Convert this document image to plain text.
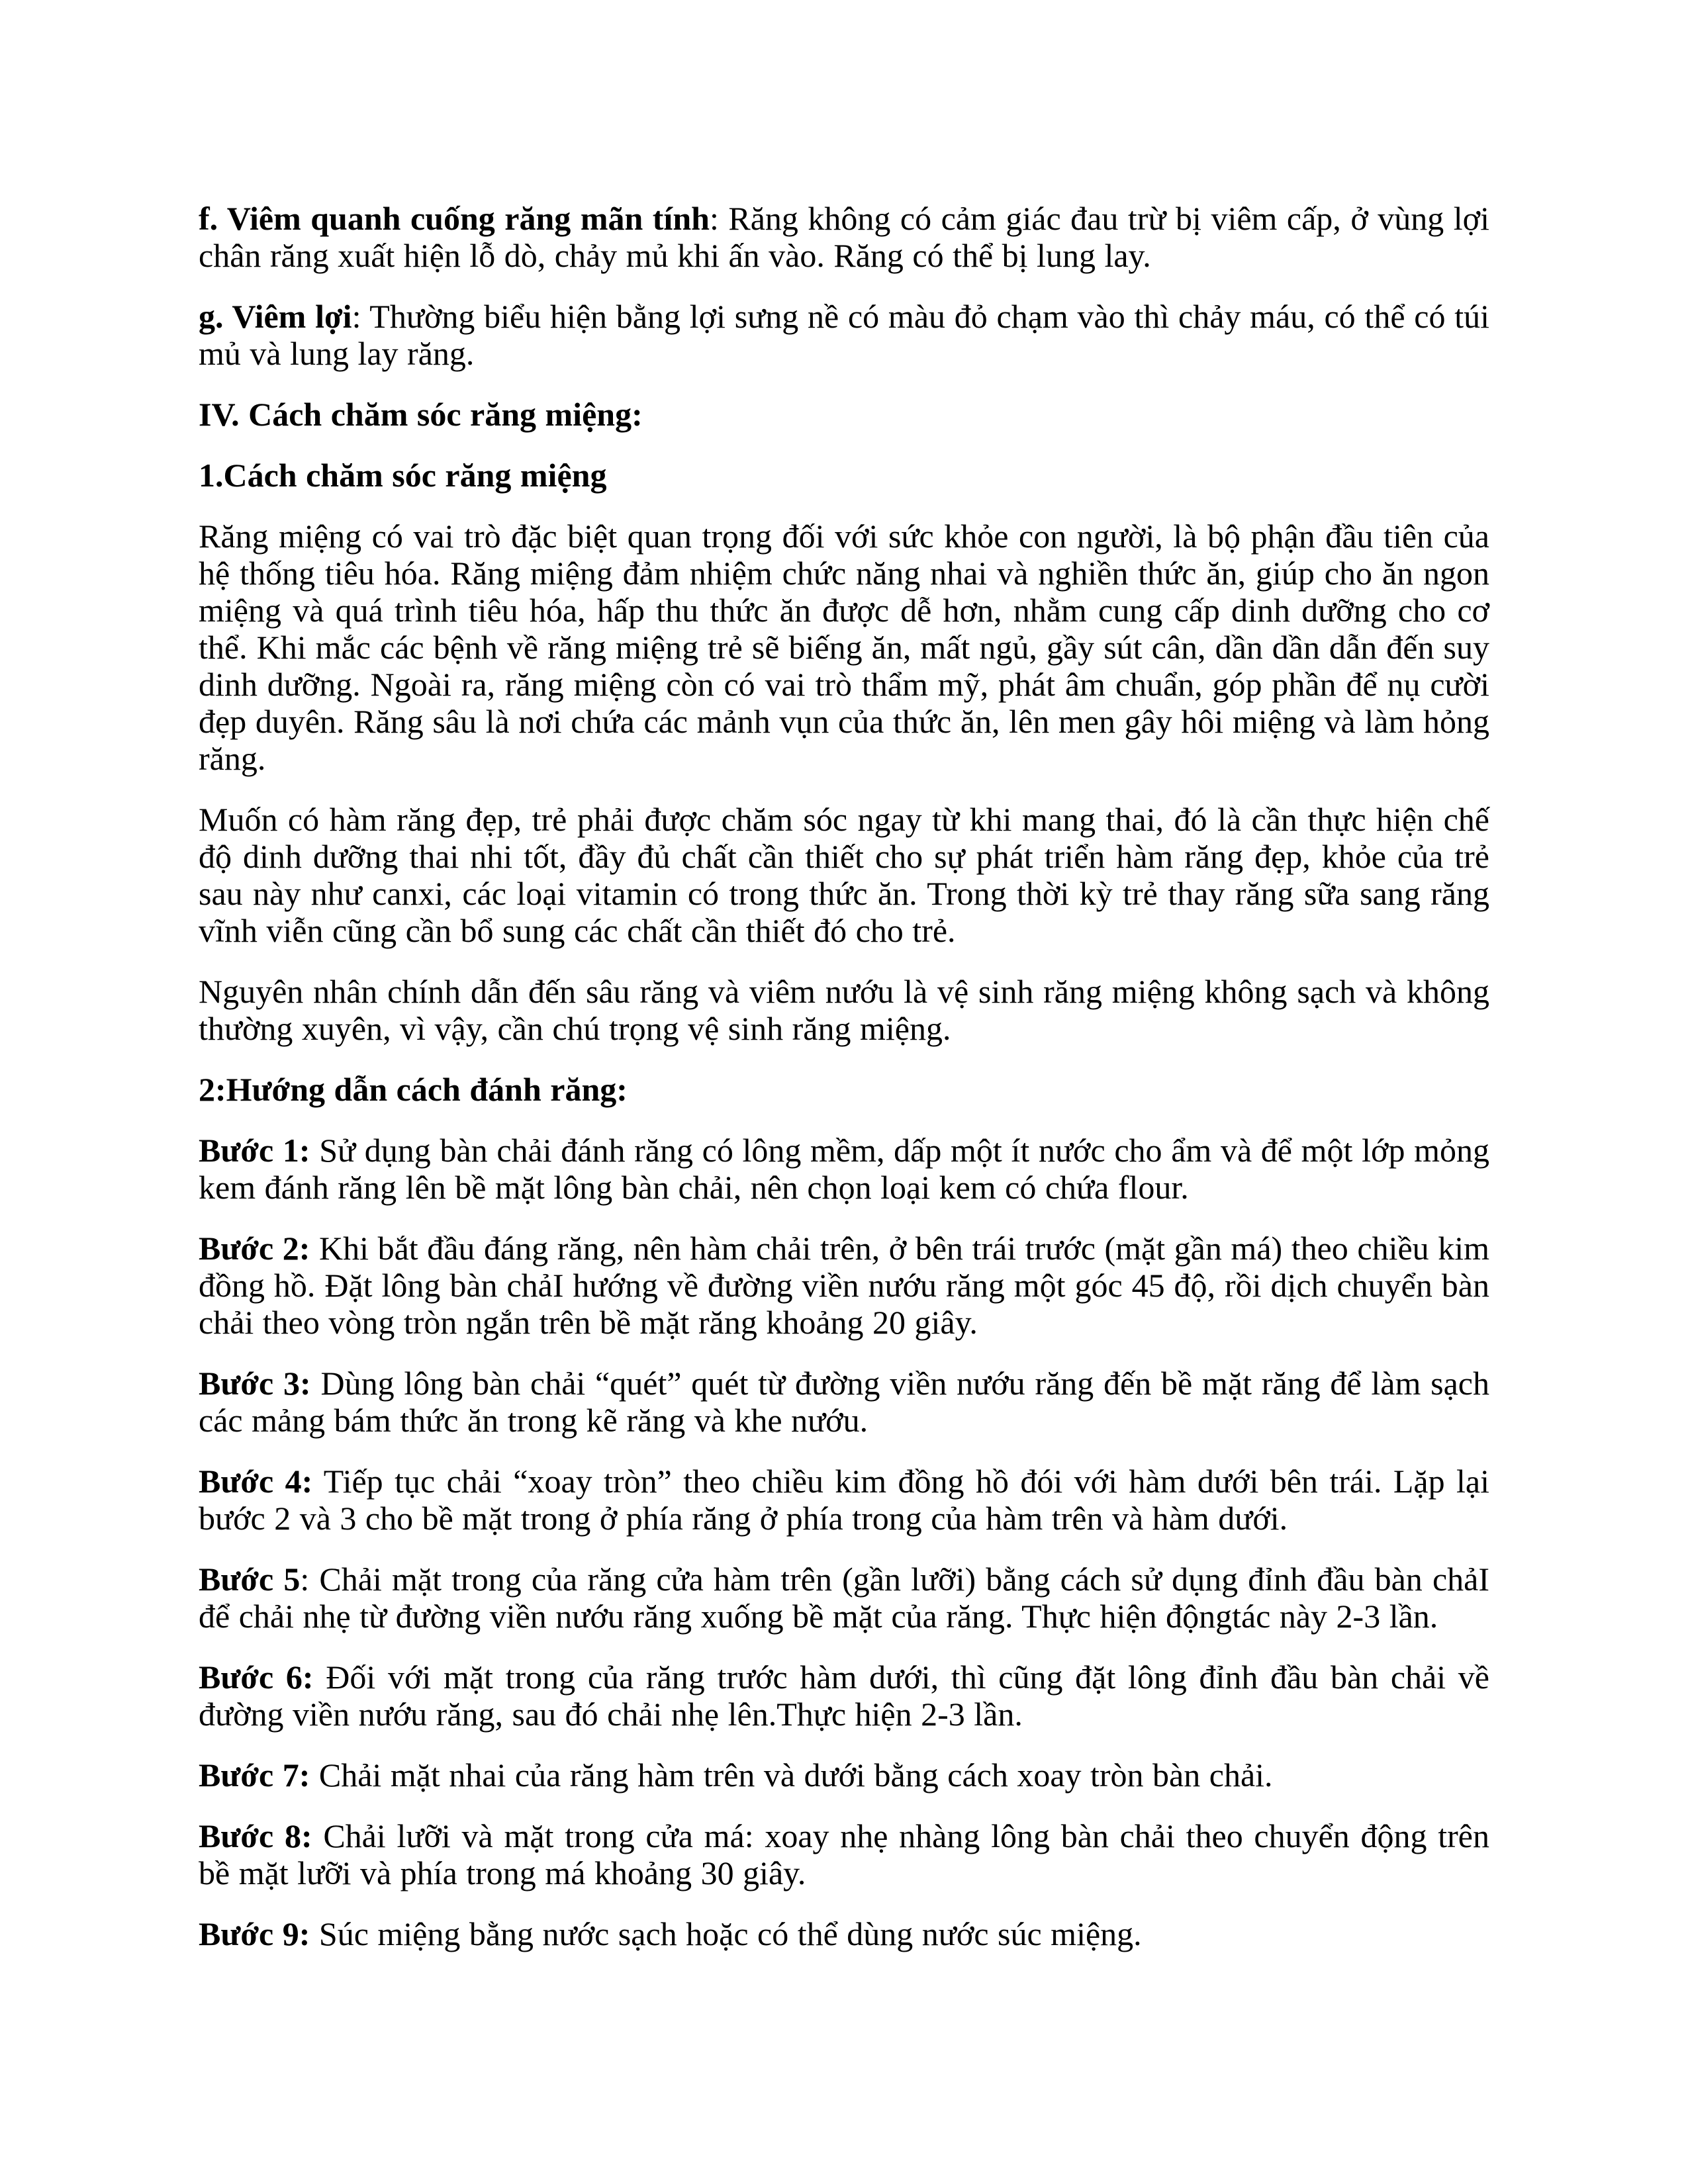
f. Viêm quanh cuống răng mãn tính: Răng không có cảm giác đau trừ bị viêm cấp, ở vùng lợi chân răng xuất hiện lỗ dò, chảy mủ khi ấn vào. Răng có thể bị lung lay.

g. Viêm lợi: Thường biểu hiện bằng lợi sưng nề có màu đỏ chạm vào thì chảy máu, có thể có túi mủ và lung lay răng.

IV. Cách chăm sóc răng miệng:

1.Cách chăm sóc răng miệng

Răng miệng có vai trò đặc biệt quan trọng đối với sức khỏe con người, là bộ phận đầu tiên của hệ thống tiêu hóa. Răng miệng đảm nhiệm chức năng nhai và nghiền thức ăn, giúp cho ăn ngon miệng và quá trình tiêu hóa, hấp thu thức ăn được dễ hơn, nhằm cung cấp dinh dưỡng cho cơ thể. Khi mắc các bệnh về răng miệng trẻ sẽ biếng ăn, mất ngủ, gầy sút cân, dần dần dẫn đến suy dinh dưỡng. Ngoài ra, răng miệng còn có vai trò thẩm mỹ, phát âm chuẩn, góp phần để nụ cười đẹp duyên. Răng sâu là nơi chứa các mảnh vụn của thức ăn, lên men gây hôi miệng và làm hỏng răng.

Muốn có hàm răng đẹp, trẻ phải được chăm sóc ngay từ khi mang thai, đó là cần thực hiện chế độ dinh dưỡng thai nhi tốt, đầy đủ chất cần thiết cho sự phát triển hàm răng đẹp, khỏe của trẻ sau này như canxi, các loại vitamin có trong thức ăn. Trong thời kỳ trẻ thay răng sữa sang răng vĩnh viễn cũng cần bổ sung các chất cần thiết đó cho trẻ.

Nguyên nhân chính dẫn đến sâu răng và viêm nướu là vệ sinh răng miệng không sạch và không thường xuyên, vì vậy, cần chú trọng vệ sinh răng miệng.

2:Hướng dẫn cách đánh răng:

Bước 1: Sử dụng bàn chải đánh răng có lông mềm, dấp một ít nước cho ẩm và để một lớp mỏng kem đánh răng lên bề mặt lông bàn chải, nên chọn loại kem có chứa flour.

Bước 2: Khi bắt đầu đáng răng, nên hàm chải trên, ở bên trái trước (mặt gần má) theo chiều kim đồng hồ. Đặt lông bàn chảI hướng về đường viền nướu răng một góc 45 độ, rồi dịch chuyển bàn chải theo vòng tròn ngắn trên bề mặt răng khoảng 20 giây.

Bước 3: Dùng lông bàn chải “quét” quét từ đường viền nướu răng đến bề mặt răng để làm sạch các mảng bám thức ăn trong kẽ răng và khe nướu.

Bước 4: Tiếp tục chải “xoay tròn” theo chiều kim đồng hồ đói với hàm dưới bên trái. Lặp lại bước 2 và 3 cho bề mặt trong ở phía răng ở phía trong của hàm trên và hàm dưới.

Bước 5: Chải mặt trong của răng cửa hàm trên (gần lưỡi) bằng cách sử dụng đỉnh đầu bàn chảI để chải nhẹ từ đường viền nướu răng xuống bề mặt của răng. Thực hiện độngtác này 2-3 lần.

Bước 6: Đối với mặt trong của răng trước hàm dưới, thì cũng đặt lông đỉnh đầu bàn chải về đường viền nướu răng, sau đó chải nhẹ lên.Thực hiện 2-3 lần.

Bước 7: Chải mặt nhai của răng hàm trên và dưới bằng cách xoay tròn bàn chải.

Bước 8: Chải lưỡi và mặt trong cửa má: xoay nhẹ nhàng lông bàn chải theo chuyển động trên bề mặt lưỡi và phía trong má khoảng 30 giây.

Bước 9: Súc miệng bằng nước sạch hoặc có thể dùng nước súc miệng.
